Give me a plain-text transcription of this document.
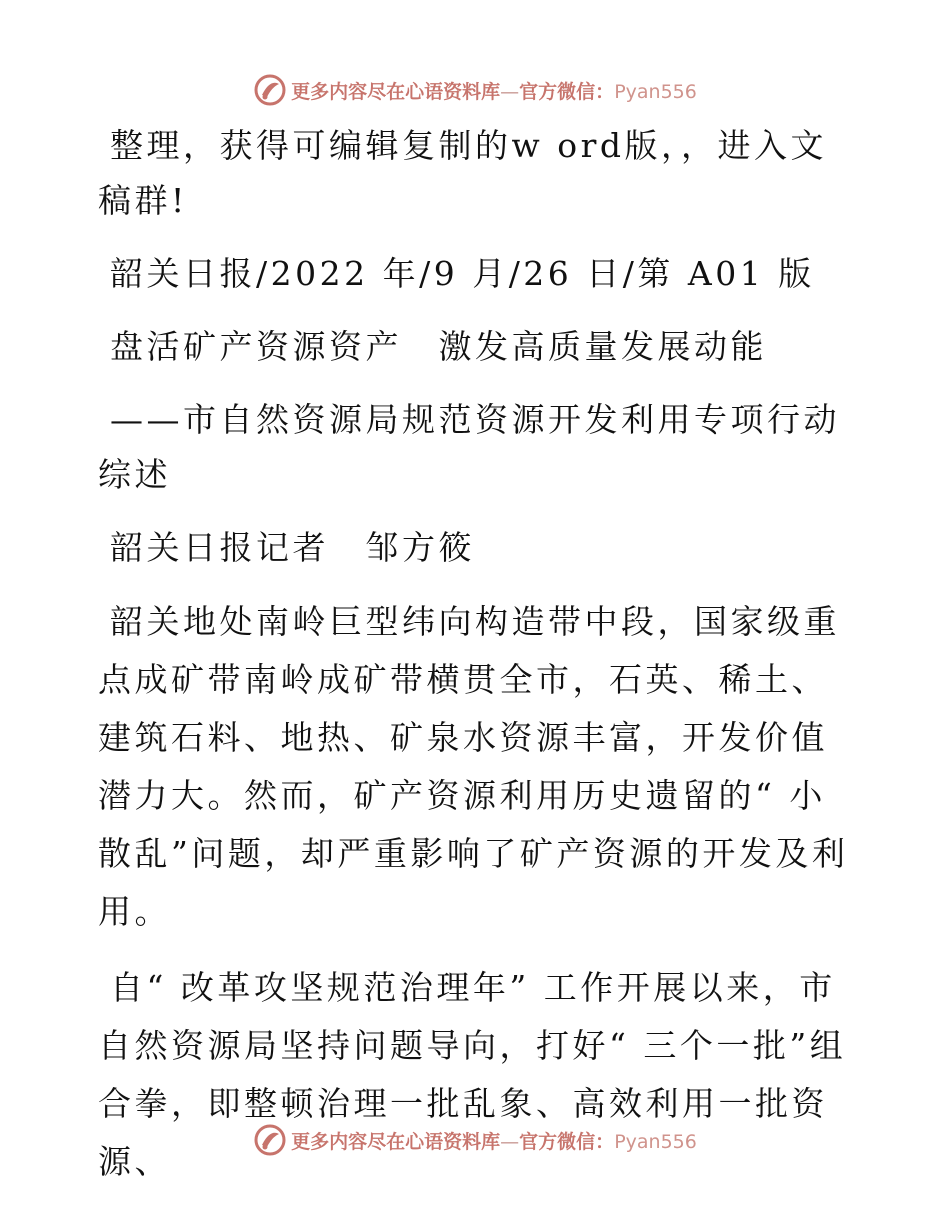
更多内容尽在心语资料库—官方微信：Pyan556

整理，获得可编辑复制的w ord版，，进入文稿群!

韶关日报/2022 年/9 月/26 日/第 A01 版

盘活矿产资源资产　激发高质量发展动能

——市自然资源局规范资源开发利用专项行动综述

韶关日报记者　邹方筱

韶关地处南岭巨型纬向构造带中段，国家级重点成矿带南岭成矿带横贯全市，石英、稀土、建筑石料、地热、矿泉水资源丰富，开发价值潜力大。然而，矿产资源利用历史遗留的“ 小散乱”问题，却严重影响了矿产资源的开发及利用。

自“ 改革攻坚规范治理年” 工作开展以来，市自然资源局坚持问题导向，打好“ 三个一批”组合拳，即整顿治理一批乱象、高效利用一批资源、

更多内容尽在心语资料库—官方微信：Pyan556
